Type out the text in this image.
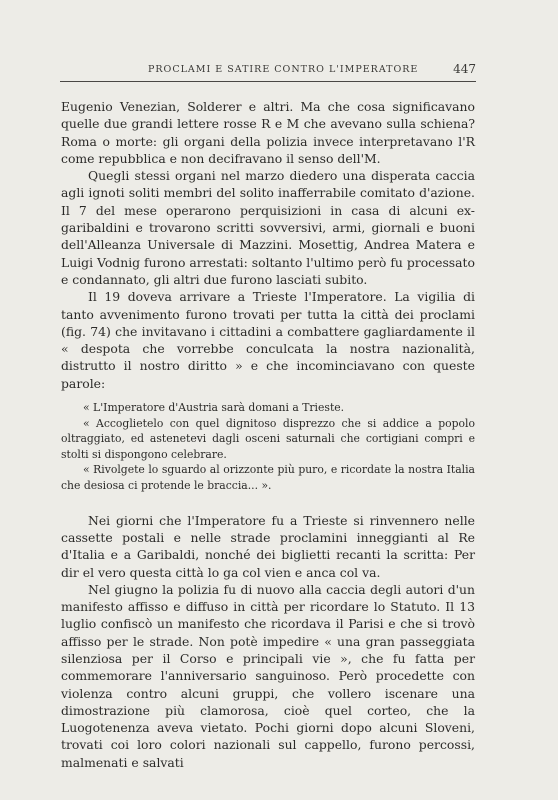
PROCLAMI E SATIRE CONTRO L'IMPERATORE	447

Eugenio Venezian, Solderer e altri. Ma che cosa significavano quelle due grandi lettere rosse R e M che avevano sulla schiena? Roma o morte: gli organi della polizia invece interpretavano l'R come repubblica e non decifravano il senso dell'M.

Quegli stessi organi nel marzo diedero una disperata caccia agli ignoti soliti membri del solito inafferrabile comitato d'azione. Il 7 del mese operarono perquisizioni in casa di alcuni ex-garibaldini e trovarono scritti sovversivi, armi, giornali e buoni dell'Alleanza Universale di Mazzini. Mosettig, Andrea Matera e Luigi Vodnig furono arrestati: soltanto l'ultimo però fu processato e condannato, gli altri due furono lasciati subito.

Il 19 doveva arrivare a Trieste l'Imperatore. La vigilia di tanto avvenimento furono trovati per tutta la città dei proclami (fig. 74) che invitavano i cittadini a combattere gagliardamente il « despota che vorrebbe conculcata la nostra nazionalità, distrutto il nostro diritto » e che incominciavano con queste parole:

« L'Imperatore d'Austria sarà domani a Trieste.

« Accoglietelo con quel dignitoso disprezzo che si addice a popolo oltraggiato, ed astenetevi dagli osceni saturnali che cortigiani compri e stolti si dispongono celebrare.

« Rivolgete lo sguardo al orizzonte più puro, e ricordate la nostra Italia che desiosa ci protende le braccia... ».

Nei giorni che l'Imperatore fu a Trieste si rinvennero nelle cassette postali e nelle strade proclamini inneggianti al Re d'Italia e a Garibaldi, nonché dei biglietti recanti la scritta: Per dir el vero questa città lo ga col vien e anca col va.

Nel giugno la polizia fu di nuovo alla caccia degli autori d'un manifesto affisso e diffuso in città per ricordare lo Statuto. Il 13 luglio confiscò un manifesto che ricordava il Parisi e che si trovò affisso per le strade. Non potè impedire « una gran passeggiata silenziosa per il Corso e principali vie », che fu fatta per commemorare l'anniversario sanguinoso. Però procedette con violenza contro alcuni gruppi, che vollero iscenare una dimostrazione più clamorosa, cioè quel corteo, che la Luogotenenza aveva vietato. Pochi giorni dopo alcuni Sloveni, trovati coi loro colori nazionali sul cappello, furono percossi, malmenati e salvati
